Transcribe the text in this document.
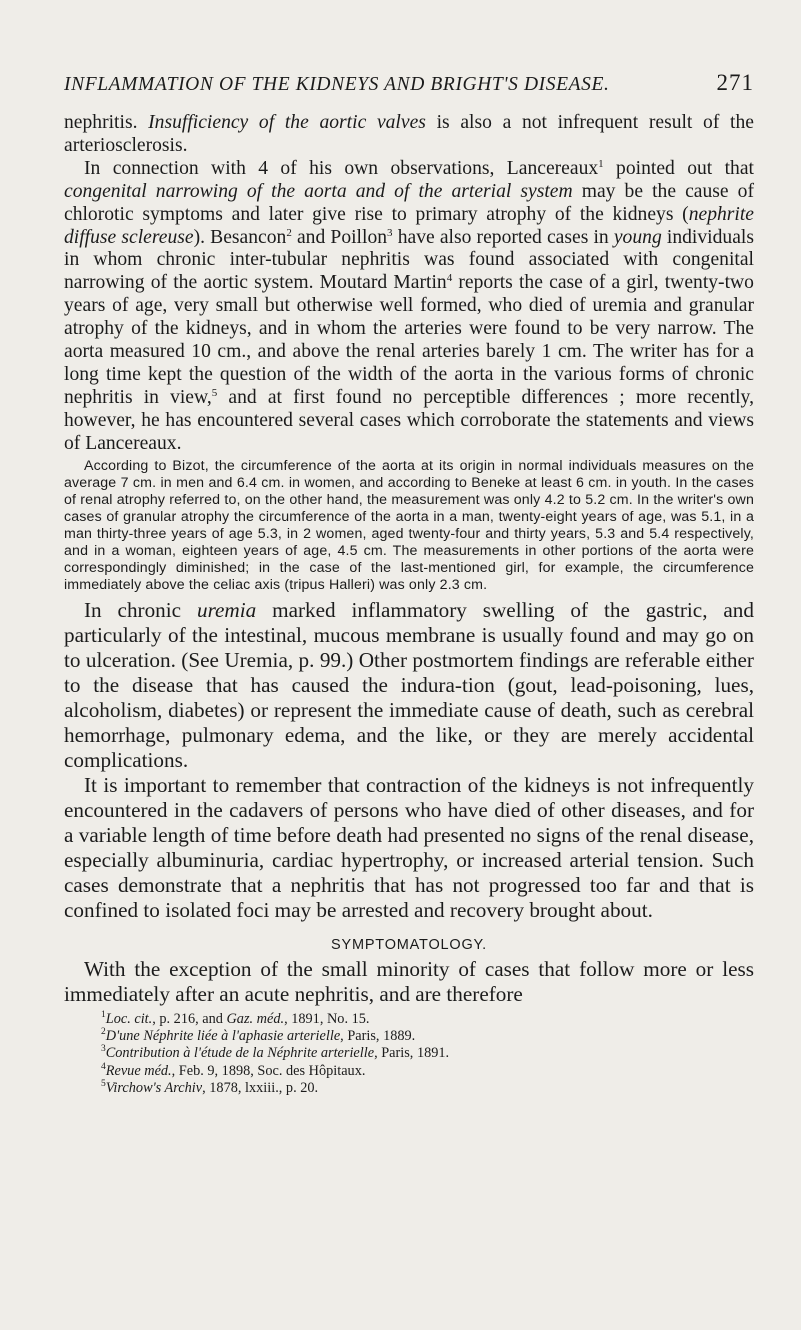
INFLAMMATION OF THE KIDNEYS AND BRIGHT'S DISEASE.	271

nephritis. Insufficiency of the aortic valves is also a not infrequent result of the arteriosclerosis.

In connection with 4 of his own observations, Lancereaux$^1$ pointed out that congenital narrowing of the aorta and of the arterial system may be the cause of chlorotic symptoms and later give rise to primary atrophy of the kidneys (nephrite diffuse sclereuse). Besancon$^2$ and Poillon$^3$ have also reported cases in young individuals in whom chronic inter-tubular nephritis was found associated with congenital narrowing of the aortic system. Moutard Martin$^4$ reports the case of a girl, twenty-two years of age, very small but otherwise well formed, who died of uremia and granular atrophy of the kidneys, and in whom the arteries were found to be very narrow. The aorta measured 10 cm., and above the renal arteries barely 1 cm. The writer has for a long time kept the question of the width of the aorta in the various forms of chronic nephritis in view,$^5$ and at first found no perceptible differences ; more recently, however, he has encountered several cases which corroborate the statements and views of Lancereaux.

According to Bizot, the circumference of the aorta at its origin in normal individuals measures on the average 7 cm. in men and 6.4 cm. in women, and according to Beneke at least 6 cm. in youth. In the cases of renal atrophy referred to, on the other hand, the measurement was only 4.2 to 5.2 cm. In the writer's own cases of granular atrophy the circumference of the aorta in a man, twenty-eight years of age, was 5.1, in a man thirty-three years of age 5.3, in 2 women, aged twenty-four and thirty years, 5.3 and 5.4 respectively, and in a woman, eighteen years of age, 4.5 cm. The measurements in other portions of the aorta were correspondingly diminished; in the case of the last-mentioned girl, for example, the circumference immediately above the celiac axis (tripus Halleri) was only 2.3 cm.

In chronic uremia marked inflammatory swelling of the gastric, and particularly of the intestinal, mucous membrane is usually found and may go on to ulceration. (See Uremia, p. 99.) Other postmortem findings are referable either to the disease that has caused the indura-tion (gout, lead-poisoning, lues, alcoholism, diabetes) or represent the immediate cause of death, such as cerebral hemorrhage, pulmonary edema, and the like, or they are merely accidental complications.

It is important to remember that contraction of the kidneys is not infrequently encountered in the cadavers of persons who have died of other diseases, and for a variable length of time before death had presented no signs of the renal disease, especially albuminuria, cardiac hypertrophy, or increased arterial tension. Such cases demonstrate that a nephritis that has not progressed too far and that is confined to isolated foci may be arrested and recovery brought about.

SYMPTOMATOLOGY.

With the exception of the small minority of cases that follow more or less immediately after an acute nephritis, and are therefore

$^1$Loc. cit., p. 216, and Gaz. méd., 1891, No. 15.
$^2$D'une Néphrite liée à l'aphasie arterielle, Paris, 1889.
$^3$Contribution à l'étude de la Néphrite arterielle, Paris, 1891.
$^4$Revue méd., Feb. 9, 1898, Soc. des Hôpitaux.
$^5$Virchow's Archiv, 1878, lxxiii., p. 20.
